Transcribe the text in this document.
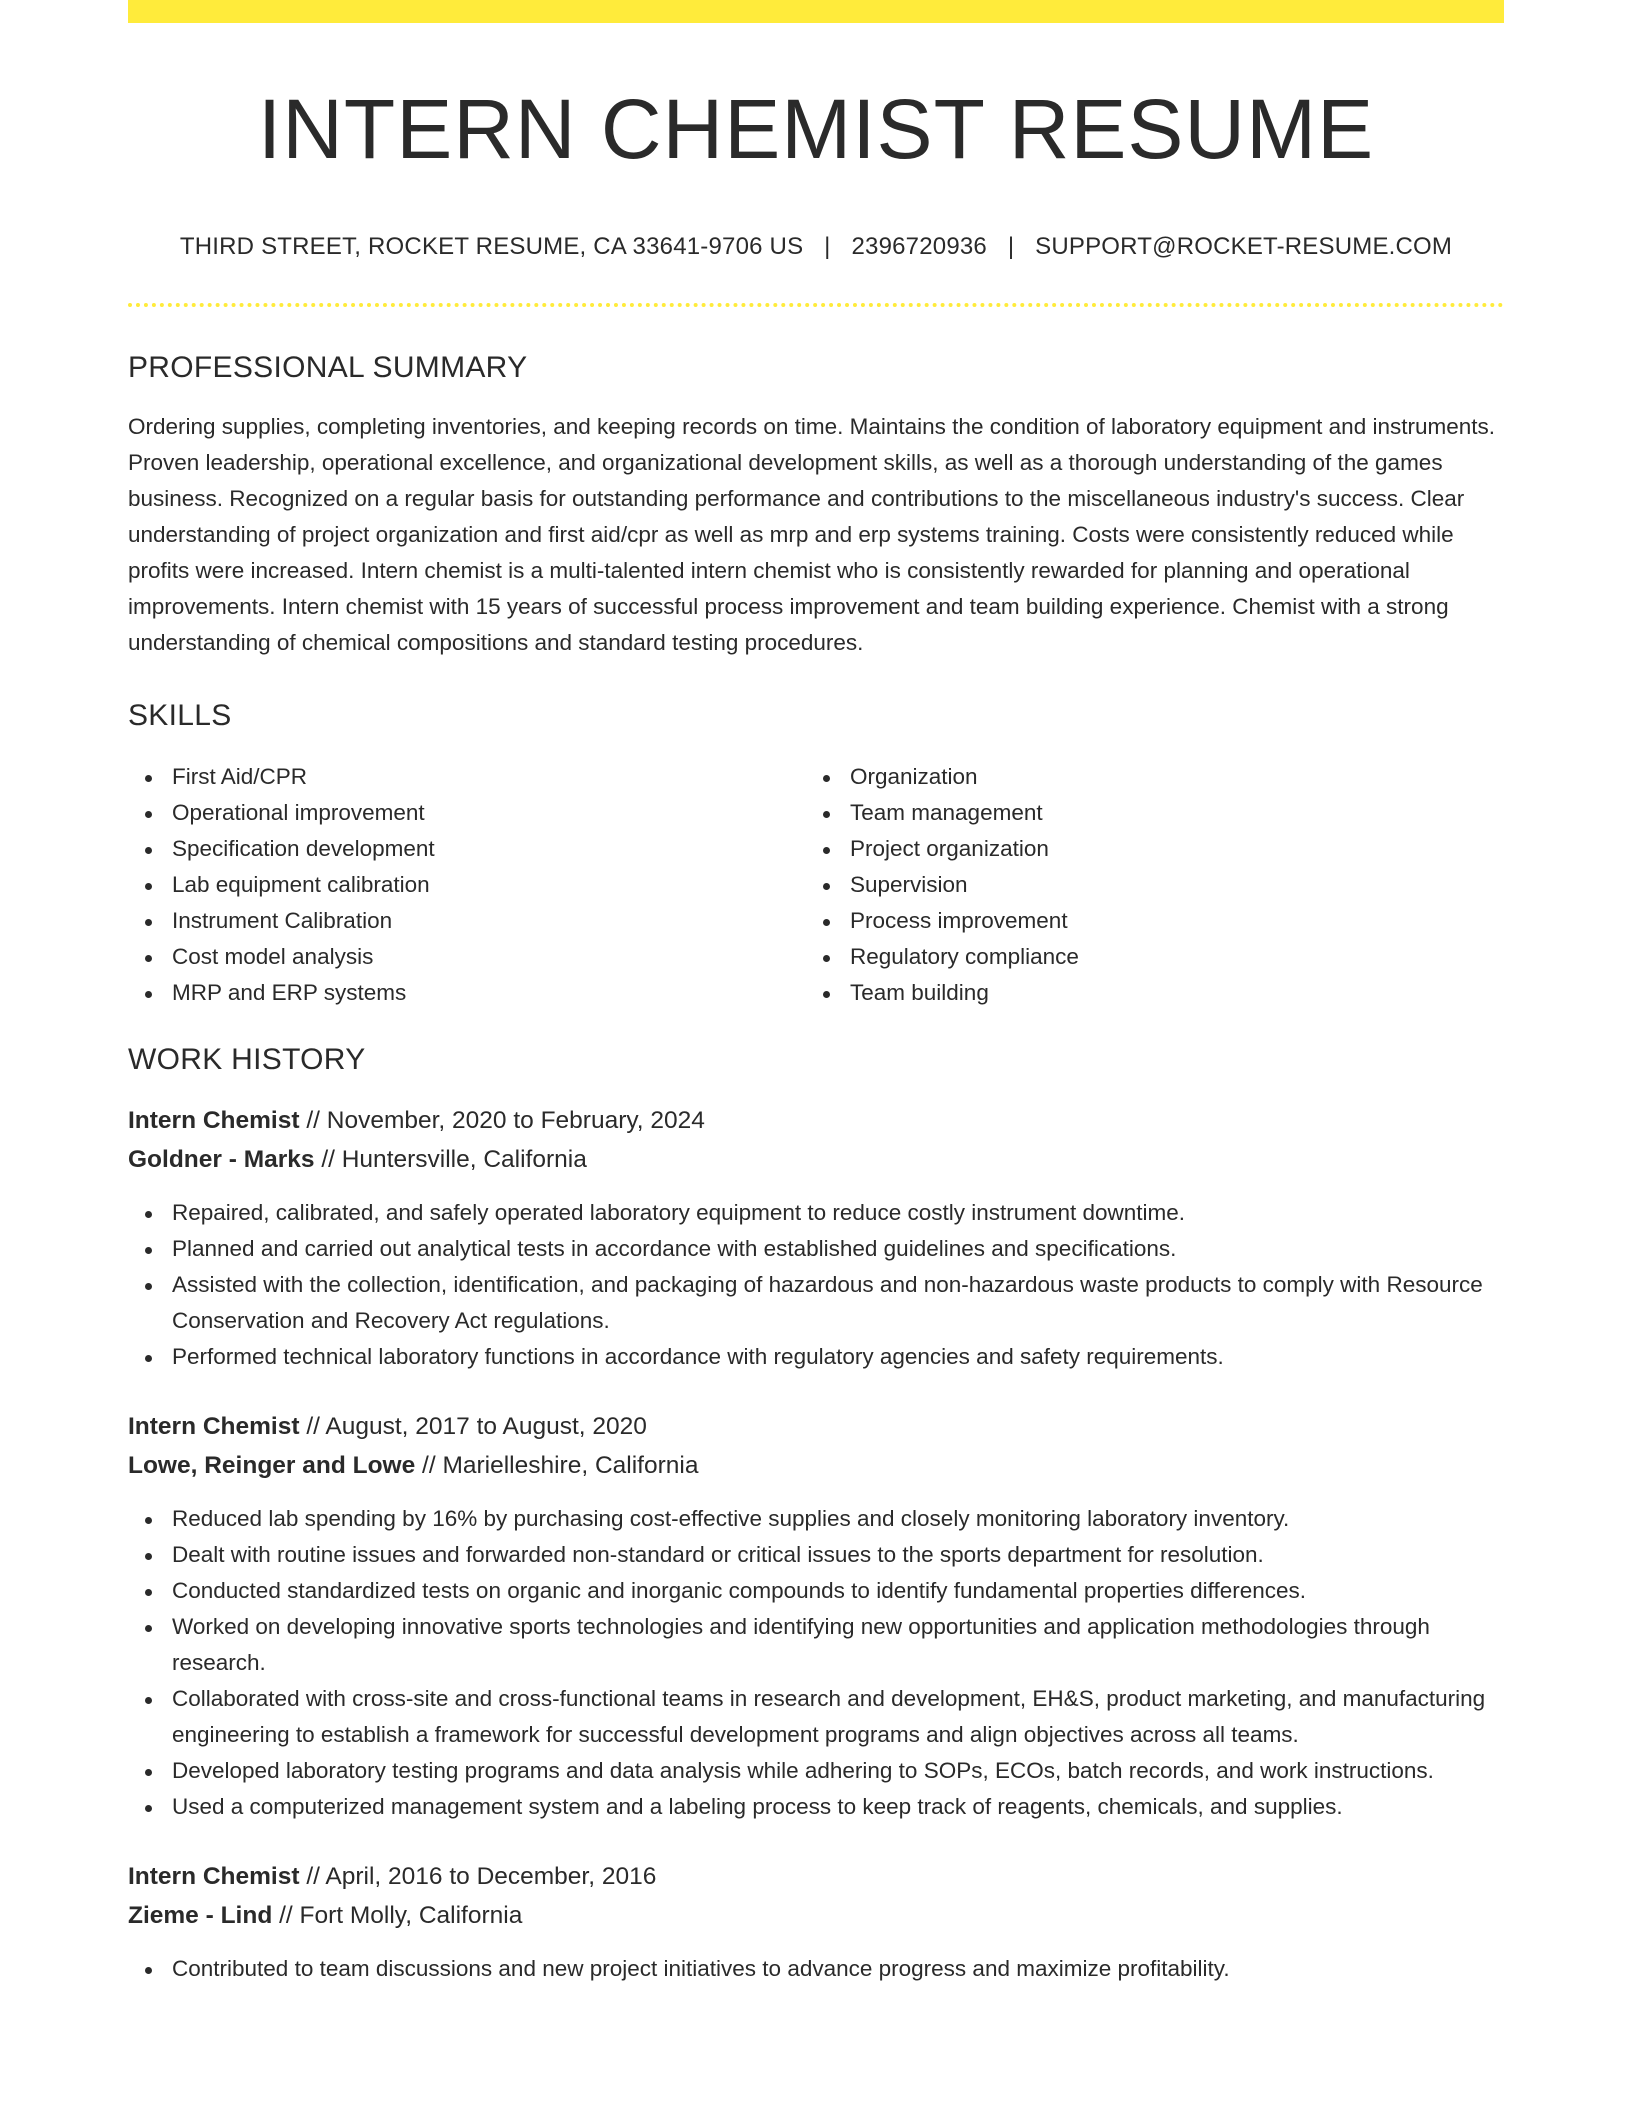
INTERN CHEMIST RESUME
THIRD STREET, ROCKET RESUME, CA 33641-9706 US | 2396720936 | SUPPORT@ROCKET-RESUME.COM
PROFESSIONAL SUMMARY

Ordering supplies, completing inventories, and keeping records on time. Maintains the condition of laboratory equipment and instruments. Proven leadership, operational excellence, and organizational development skills, as well as a thorough understanding of the games business. Recognized on a regular basis for outstanding performance and contributions to the miscellaneous industry's success. Clear understanding of project organization and first aid/cpr as well as mrp and erp systems training. Costs were consistently reduced while profits were increased. Intern chemist is a multi-talented intern chemist who is consistently rewarded for planning and operational improvements. Intern chemist with 15 years of successful process improvement and team building experience. Chemist with a strong understanding of chemical compositions and standard testing procedures.

SKILLS
First Aid/CPR
Operational improvement
Specification development
Lab equipment calibration
Instrument Calibration
Cost model analysis
MRP and ERP systems
Organization
Team management
Project organization
Supervision
Process improvement
Regulatory compliance
Team building
WORK HISTORY
Intern Chemist // November, 2020 to February, 2024
Goldner - Marks // Huntersville, California
Repaired, calibrated, and safely operated laboratory equipment to reduce costly instrument downtime.
Planned and carried out analytical tests in accordance with established guidelines and specifications.
Assisted with the collection, identification, and packaging of hazardous and non-hazardous waste products to comply with Resource Conservation and Recovery Act regulations.
Performed technical laboratory functions in accordance with regulatory agencies and safety requirements.
Intern Chemist // August, 2017 to August, 2020
Lowe, Reinger and Lowe // Marielleshire, California
Reduced lab spending by 16% by purchasing cost-effective supplies and closely monitoring laboratory inventory.
Dealt with routine issues and forwarded non-standard or critical issues to the sports department for resolution.
Conducted standardized tests on organic and inorganic compounds to identify fundamental properties differences.
Worked on developing innovative sports technologies and identifying new opportunities and application methodologies through research.
Collaborated with cross-site and cross-functional teams in research and development, EH&S, product marketing, and manufacturing engineering to establish a framework for successful development programs and align objectives across all teams.
Developed laboratory testing programs and data analysis while adhering to SOPs, ECOs, batch records, and work instructions.
Used a computerized management system and a labeling process to keep track of reagents, chemicals, and supplies.
Intern Chemist // April, 2016 to December, 2016
Zieme - Lind // Fort Molly, California
Contributed to team discussions and new project initiatives to advance progress and maximize profitability.
